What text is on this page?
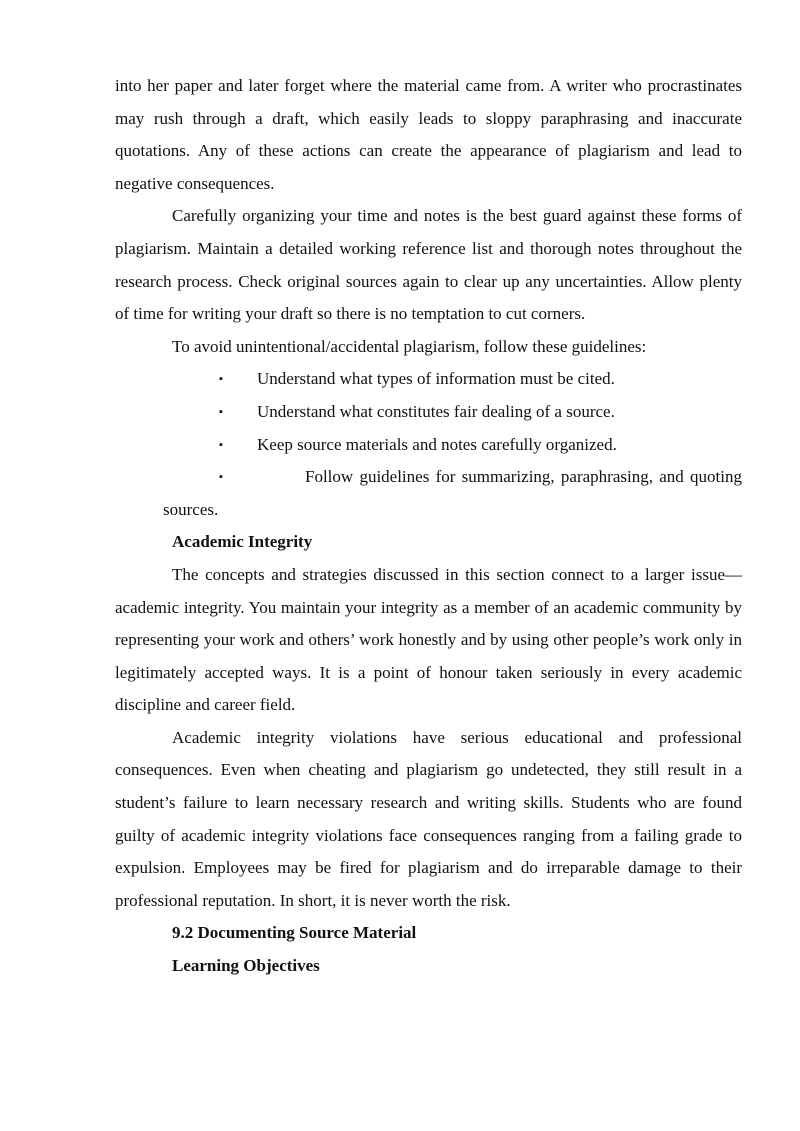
into her paper and later forget where the material came from. A writer who procrastinates may rush through a draft, which easily leads to sloppy paraphrasing and inaccurate quotations. Any of these actions can create the appearance of plagiarism and lead to negative consequences.

Carefully organizing your time and notes is the best guard against these forms of plagiarism. Maintain a detailed working reference list and thorough notes throughout the research process. Check original sources again to clear up any uncertainties. Allow plenty of time for writing your draft so there is no temptation to cut corners.

To avoid unintentional/accidental plagiarism, follow these guidelines:

▪ Understand what types of information must be cited.
▪ Understand what constitutes fair dealing of a source.
▪ Keep source materials and notes carefully organized.
▪	Follow guidelines for summarizing, paraphrasing, and quoting sources.
Academic Integrity

The concepts and strategies discussed in this section connect to a larger issue—academic integrity. You maintain your integrity as a member of an academic community by representing your work and others’ work honestly and by using other people’s work only in legitimately accepted ways. It is a point of honour taken seriously in every academic discipline and career field.

Academic integrity violations have serious educational and professional consequences. Even when cheating and plagiarism go undetected, they still result in a student’s failure to learn necessary research and writing skills. Students who are found guilty of academic integrity violations face consequences ranging from a failing grade to expulsion. Employees may be fired for plagiarism and do irreparable damage to their professional reputation. In short, it is never worth the risk.

9.2 Documenting Source Material
Learning Objectives
